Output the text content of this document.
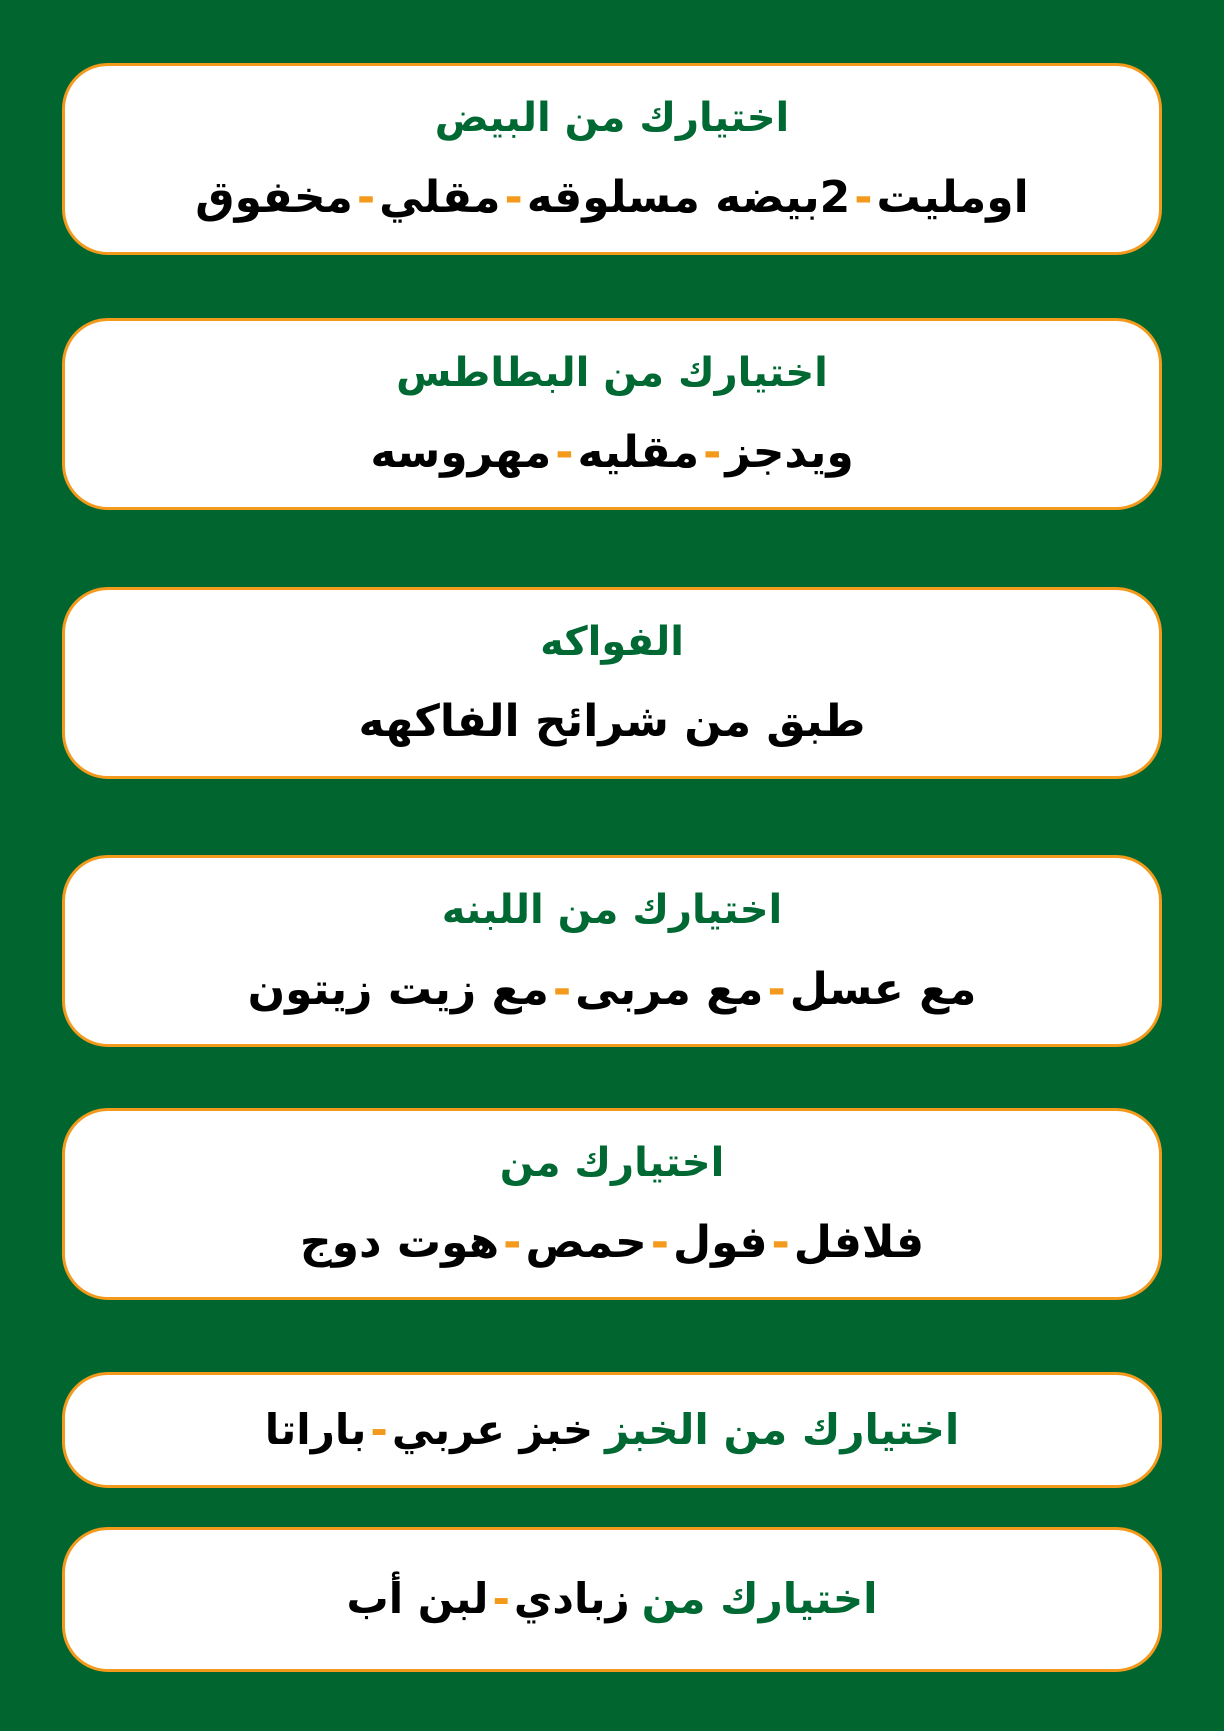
اختيارك من البيض
اومليت-2بيضه مسلوقه-مقلي-مخفوق
اختيارك من البطاطس
ويدجز-مقليه-مهروسه
الفواكه
طبق من شرائح الفاكهه
اختيارك من اللبنه
مع عسل-مع مربى-مع زيت زيتون
اختيارك من
فلافل-فول-حمص-هوت دوج
اختيارك من الخبزخبز عربي-باراتا
اختيارك منزبادي-لبن أب
